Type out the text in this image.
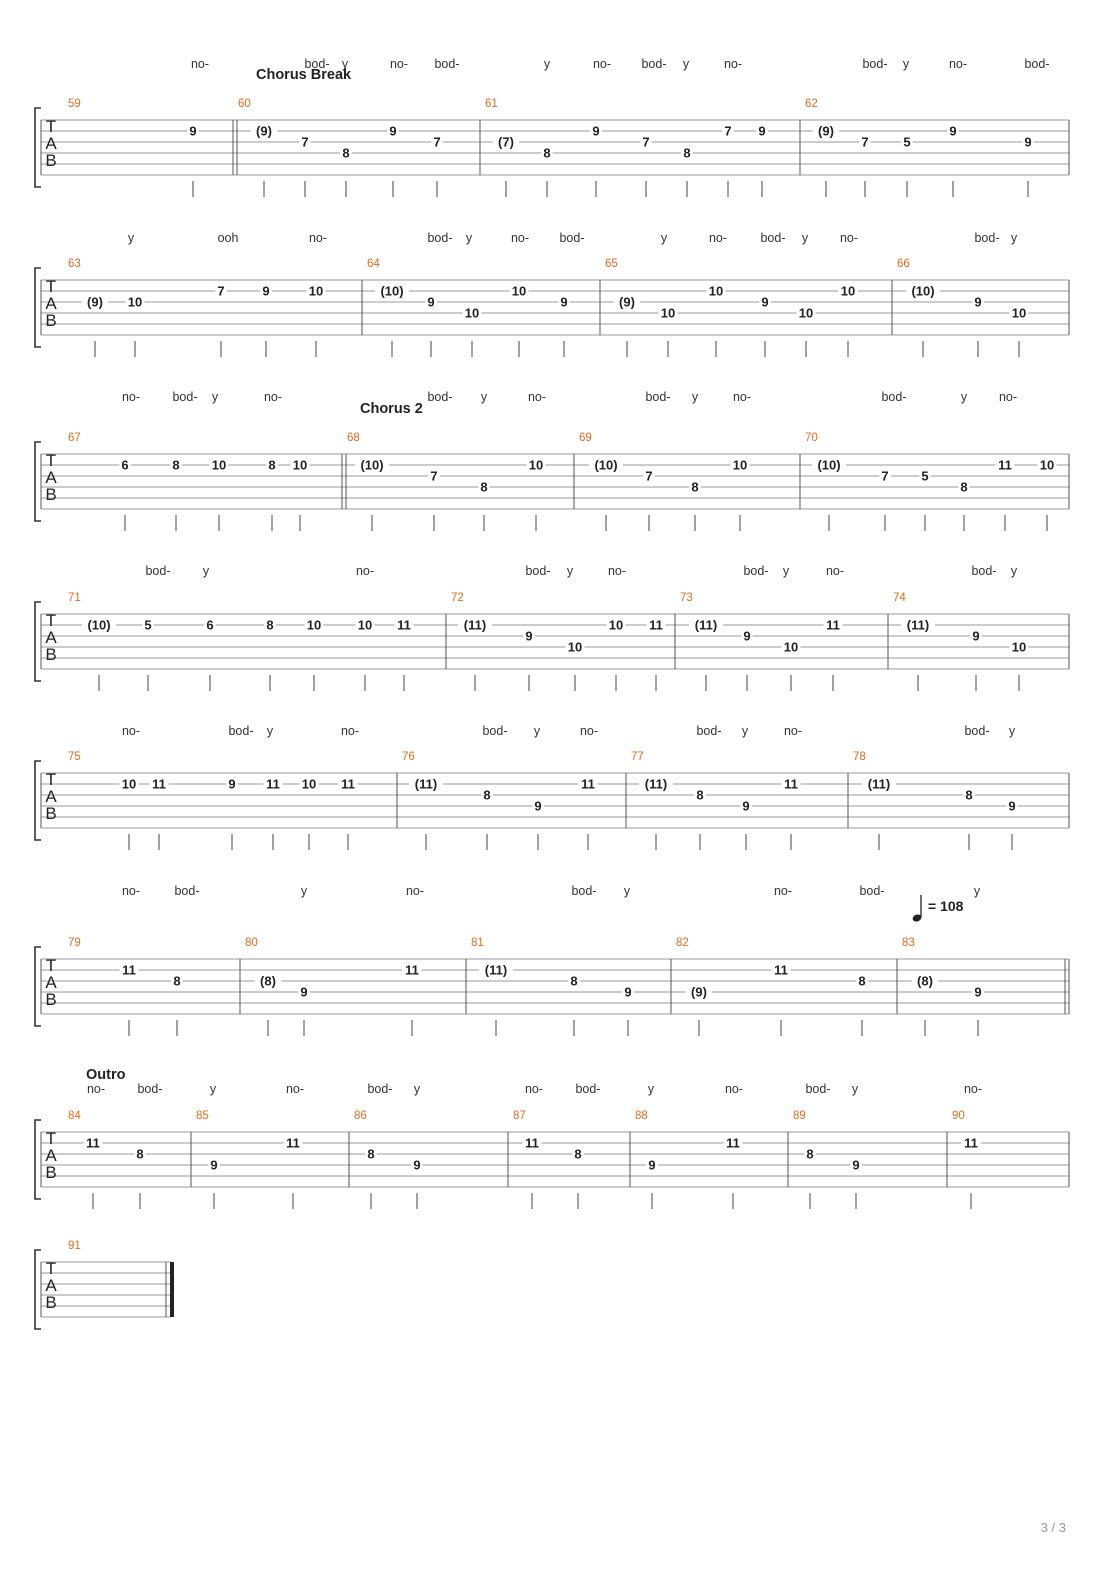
T
A
B
59	60	61	62
Chorus Break
no-	bod- y	no- bod-	y	no- bod- y	no-	bod- y	no-	bod-
9	(9)
7
8
9
7	(7)
8
9
7
8
7 9	(9)
7	5
9
9
T
A
B
63	64	65	66
y	ooh	no-	bod- y	no- bod-	y	no-	bod- y	no-	bod- y
(9) 10
7	9	10	(10)
9
10
10
9	(9)
10
10
9
10
10	(10)
9
10
T
A
B
67	68	69	70
Chorus 2
no-	bod- y	no-	bod- y	no-	bod- y	no-	bod-	y	no-
6	8 10	8 10	(10)
7
8
10	(10)
7
8
10	(10)
7	5
8
11 10
T
A
B
71	72	73	74
bod-	y	no-	bod- y	no-	bod- y	no-	bod- y
(10)	5	6	8	10	10 11	(11)
9
10
10 11 (11)
9
10
11	(11)
9
10
T
A
B
75	76	77	78
no-	bod- y	no-	bod- y	no-	bod- y	no-	bod- y
10 11	9 11 10 11	(11)
8
9
11	(11)
8
9
11	(11)
8
9
T
A
B
79	80	81	82	83
= 108
no-	bod-	y	no-	bod- y	no-	bod-	y
11
8	(8)
9
11	(11)
8
9	(9)
11
8	(8)
9
T
A
B
84	85	86	87	88	89	90
Outro
no-	bod-	y	no-	bod- y	no-	bod-	y	no-	bod- y	no-
11
8
9
11
8
9
11
8
9
11
8
9
11
T
A
B
91
3 / 3
